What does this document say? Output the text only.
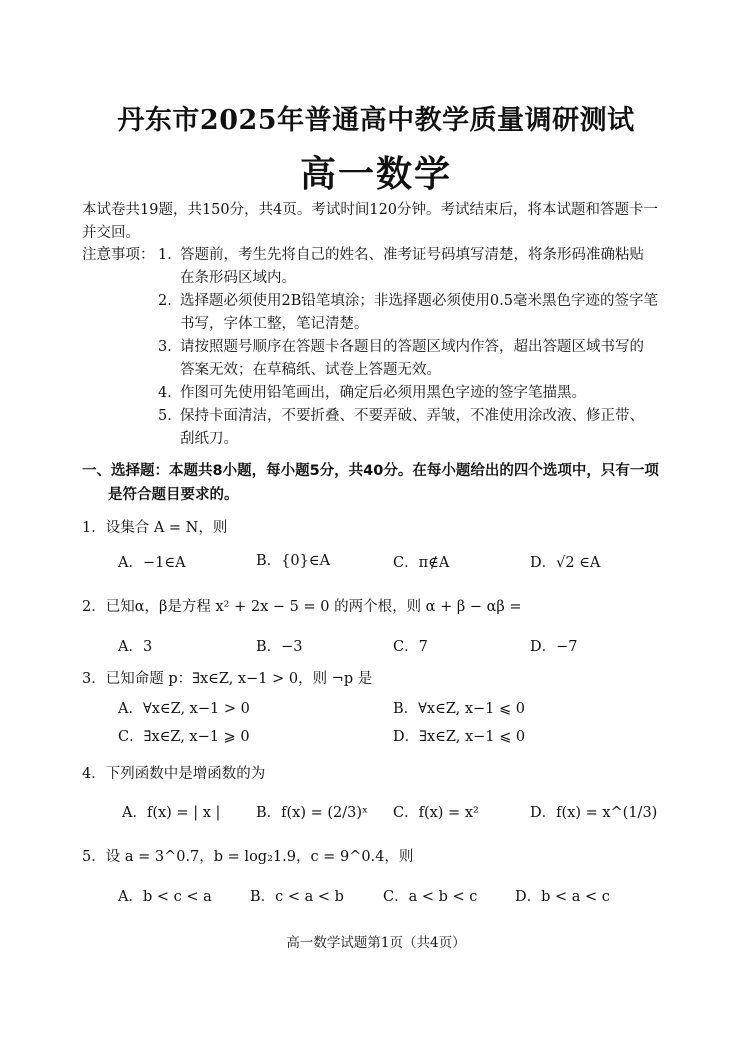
丹东市2025年普通高中教学质量调研测试
高一数学
本试卷共19题，共150分，共4页。考试时间120分钟。考试结束后，将本试题和答题卡一并交回。
注意事项： 1．
答题前，考生先将自己的姓名、准考证号码填写清楚，将条形码准确粘贴在条形码区域内。
2．
选择题必须使用2B铅笔填涂；非选择题必须使用0.5毫米黑色字迹的签字笔书写，字体工整，笔记清楚。
3．
请按照题号顺序在答题卡各题目的答题区域内作答，超出答题区域书写的答案无效；在草稿纸、试卷上答题无效。
4．
作图可先使用铅笔画出，确定后必须用黑色字迹的签字笔描黑。
5．
保持卡面清洁，不要折叠、不要弄破、弄皱，不准使用涂改液、修正带、刮纸刀。
一、选择题：本题共8小题，每小题5分，共40分。在每小题给出的四个选项中，只有一项是符合题目要求的。
1．设集合 A = N，则
A．−1∈A	B．{0}∈A	C．π∉A	D．√2 ∈A
2．已知α，β是方程 x² + 2x − 5 = 0 的两个根，则 α + β − αβ =
A．3	B．−3	C．7	D．−7
3．已知命题 p：∃x∈Z, x−1 > 0，则 ¬p 是
A．∀x∈Z, x−1 > 0	B．∀x∈Z, x−1 ⩽ 0
C．∃x∈Z, x−1 ⩾ 0	D．∃x∈Z, x−1 ⩽ 0
4．下列函数中是增函数的为
A．f(x) = | x | B．f(x) = (2/3)ˣ C．f(x) = x²	D．f(x) = x^(1/3)
5．设 a = 3^0.7，b = log₂1.9，c = 9^0.4，则
A．b < c < a	B．c < a < b	C．a < b < c	D．b < a < c
高一数学试题第1页（共4页）
